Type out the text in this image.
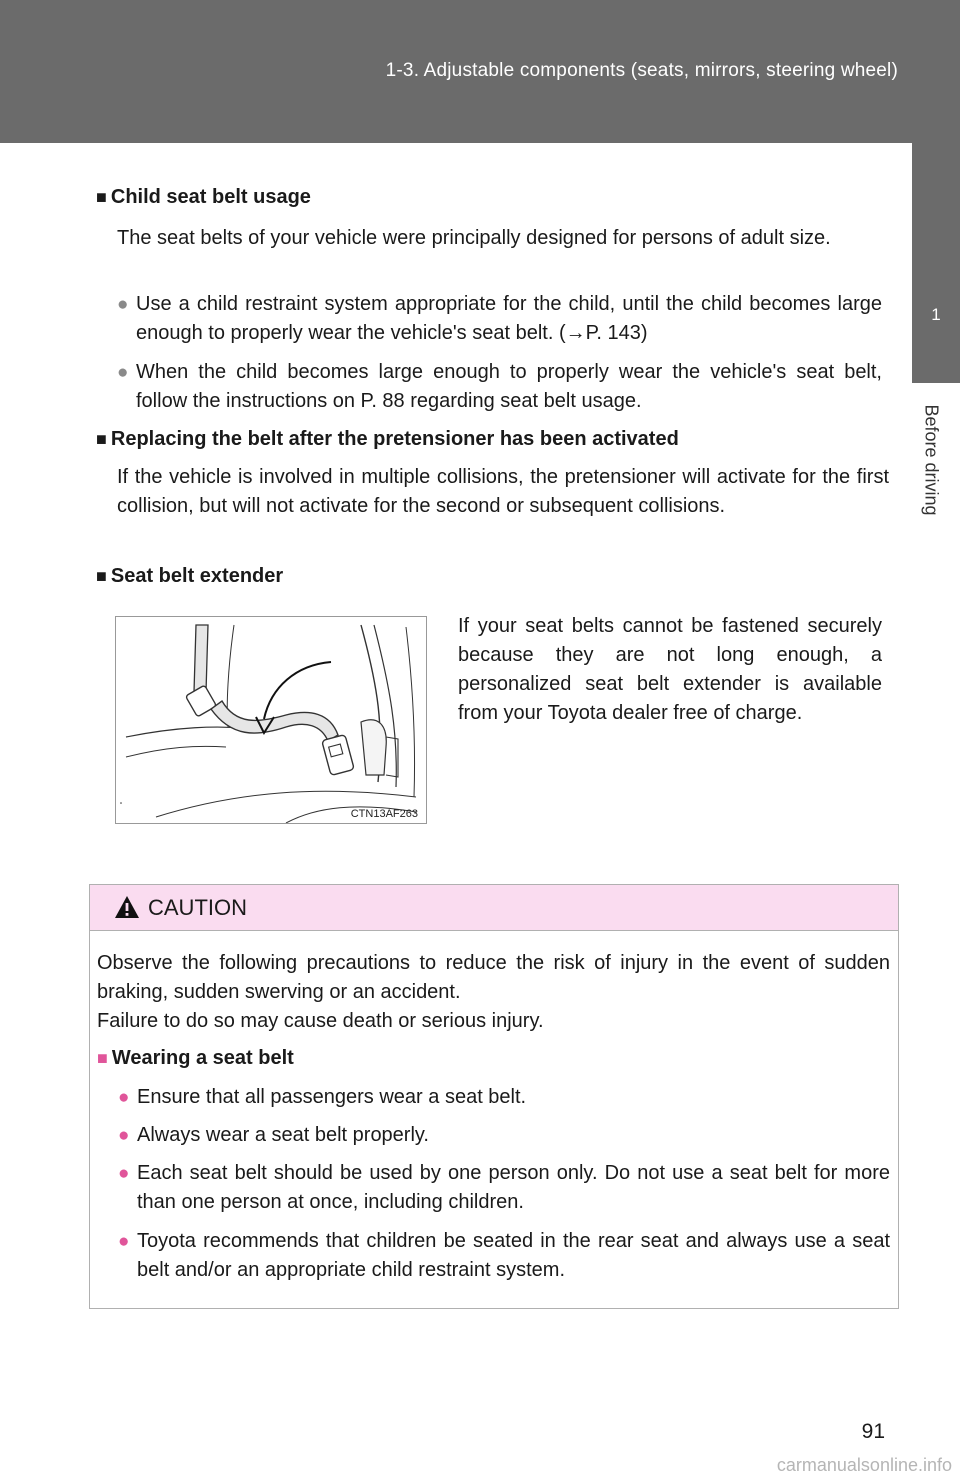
1-3. Adjustable components (seats, mirrors, steering wheel)
1
Before driving
■ Child seat belt usage
The seat belts of your vehicle were principally designed for persons of adult size.
● Use a child restraint system appropriate for the child, until the child becomes large enough to properly wear the vehicle's seat belt. (→P. 143)
● When the child becomes large enough to properly wear the vehicle's seat belt, follow the instructions on P. 88 regarding seat belt usage.
■ Replacing the belt after the pretensioner has been activated
If the vehicle is involved in multiple collisions, the pretensioner will activate for the first collision, but will not activate for the second or subsequent collisions.
■ Seat belt extender
CTN13AF263
If your seat belts cannot be fastened securely because they are not long enough, a personalized seat belt extender is available from your Toyota dealer free of charge.
CAUTION
Observe the following precautions to reduce the risk of injury in the event of sudden braking, sudden swerving or an accident.
Failure to do so may cause death or serious injury.
■ Wearing a seat belt
● Ensure that all passengers wear a seat belt.
● Always wear a seat belt properly.
● Each seat belt should be used by one person only. Do not use a seat belt for more than one person at once, including children.
● Toyota recommends that children be seated in the rear seat and always use a seat belt and/or an appropriate child restraint system.
91
carmanualsonline.info
